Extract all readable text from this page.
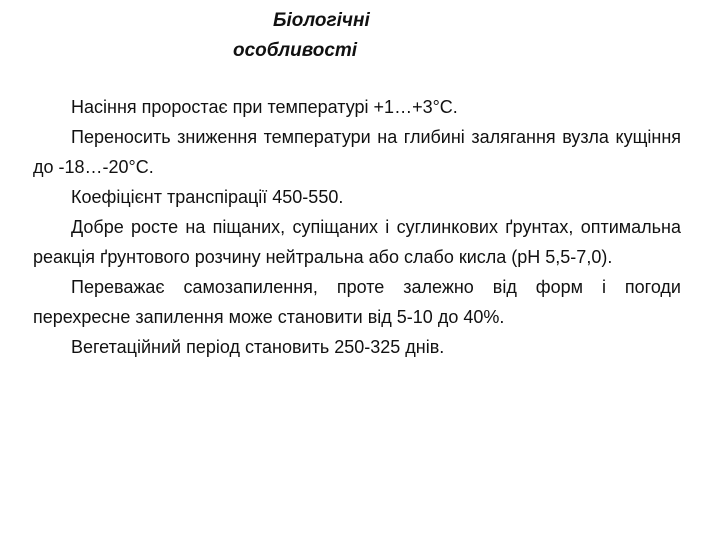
Біологічні
особливості

Насіння проростає при температурі +1…+3°С.

Переносить зниження температури на глибині залягання вузла кущіння до -18…-20°С.

Коефіцієнт транспірації 450-550.

Добре росте на піщаних, супіщаних і суглинкових ґрунтах, оптимальна реакція ґрунтового розчину нейтральна або слабо кисла (рН 5,5-7,0).

Переважає самозапилення, проте залежно від форм і погоди перехресне запилення може становити від 5-10 до 40%.

Вегетаційний період становить 250-325 днів.
